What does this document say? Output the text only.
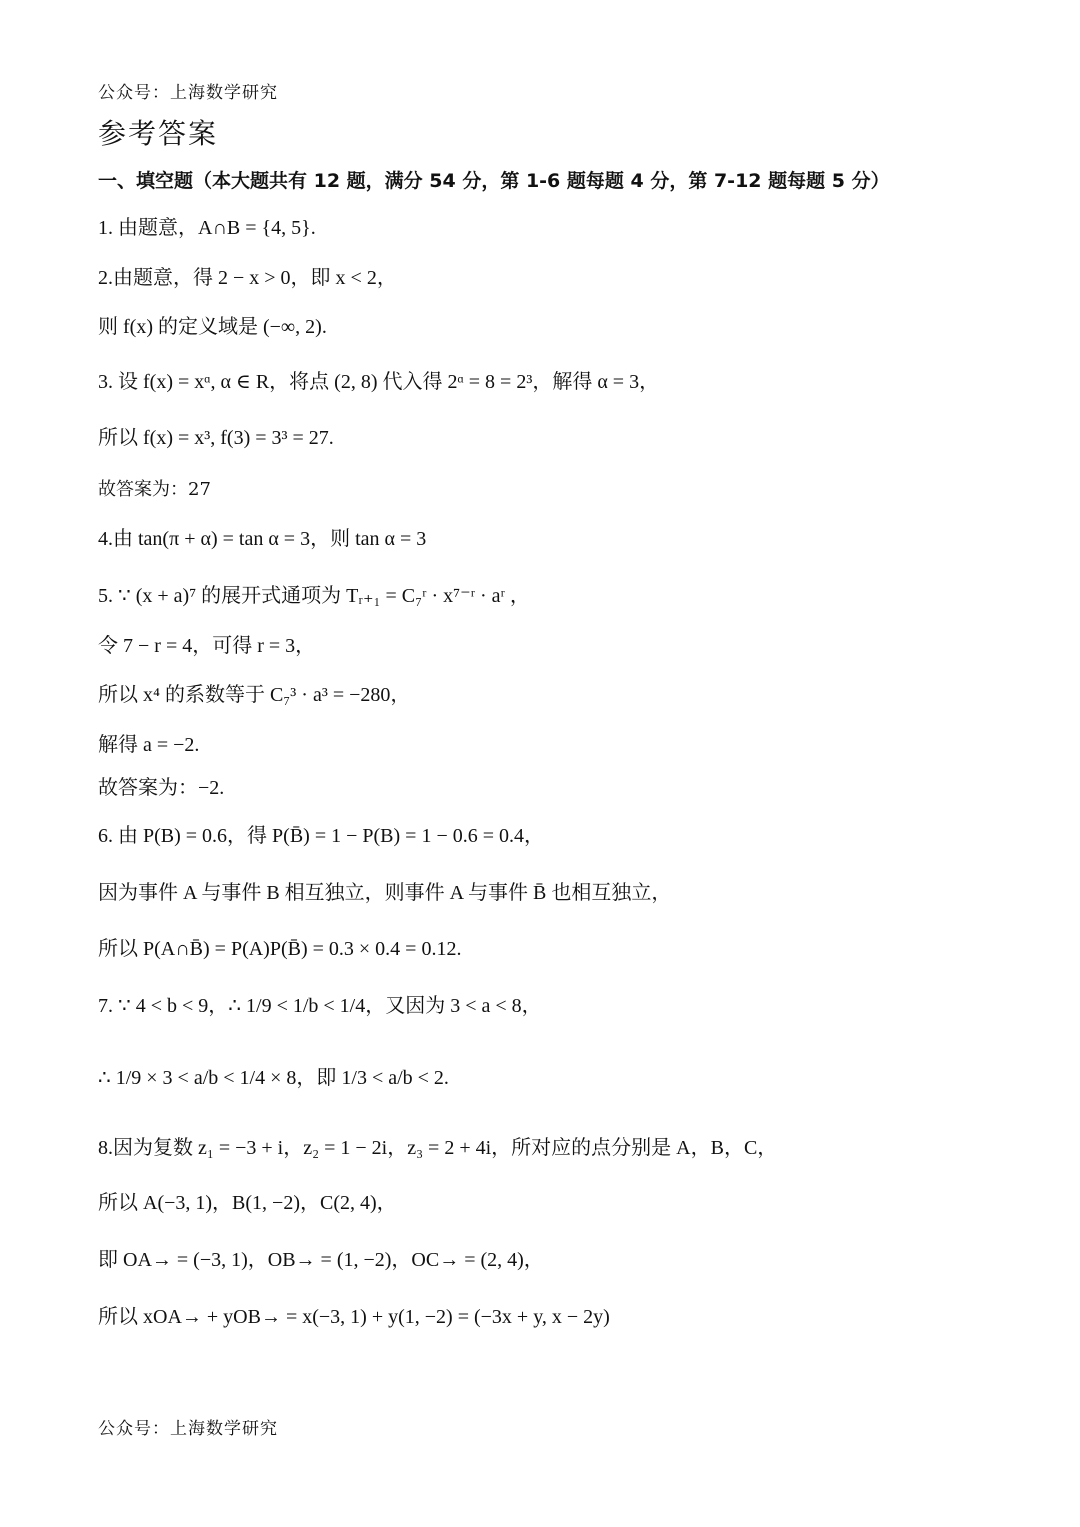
公众号：上海数学研究
参考答案
一、填空题（本大题共有 12 题，满分 54 分，第 1-6 题每题 4 分，第 7-12 题每题 5 分）
1. 由题意，A∩B = {4, 5}.
2.由题意，得 2 − x > 0，即 x < 2，
则 f(x) 的定义域是 (−∞, 2).
3. 设 f(x) = xᵅ, α ∈ R，将点 (2, 8) 代入得 2ᵅ = 8 = 2³，解得 α = 3，
所以 f(x) = x³, f(3) = 3³ = 27.
故答案为：27
4.由 tan(π + α) = tan α = 3，则 tan α = 3
5. ∵ (x + a)⁷ 的展开式通项为 Tᵣ₊₁ = C₇ʳ · x⁷⁻ʳ · aʳ ，
令 7 − r = 4，可得 r = 3，
所以 x⁴ 的系数等于 C₇³ · a³ = −280，
解得 a = −2.
故答案为：−2.
6. 由 P(B) = 0.6，得 P(B̄) = 1 − P(B) = 1 − 0.6 = 0.4，
因为事件 A 与事件 B 相互独立，则事件 A 与事件 B̄ 也相互独立，
所以 P(A∩B̄) = P(A)P(B̄) = 0.3 × 0.4 = 0.12.
7. ∵ 4 < b < 9，∴ 1/9 < 1/b < 1/4，又因为 3 < a < 8，
∴ 1/9 × 3 < a/b < 1/4 × 8，即 1/3 < a/b < 2.
8.因为复数 z₁ = −3 + i，z₂ = 1 − 2i，z₃ = 2 + 4i，所对应的点分别是 A，B，C，
所以 A(−3, 1)，B(1, −2)，C(2, 4)，
即 OA→ = (−3, 1)，OB→ = (1, −2)，OC→ = (2, 4)，
所以 xOA→ + yOB→ = x(−3, 1) + y(1, −2) = (−3x + y, x − 2y)
公众号：上海数学研究
